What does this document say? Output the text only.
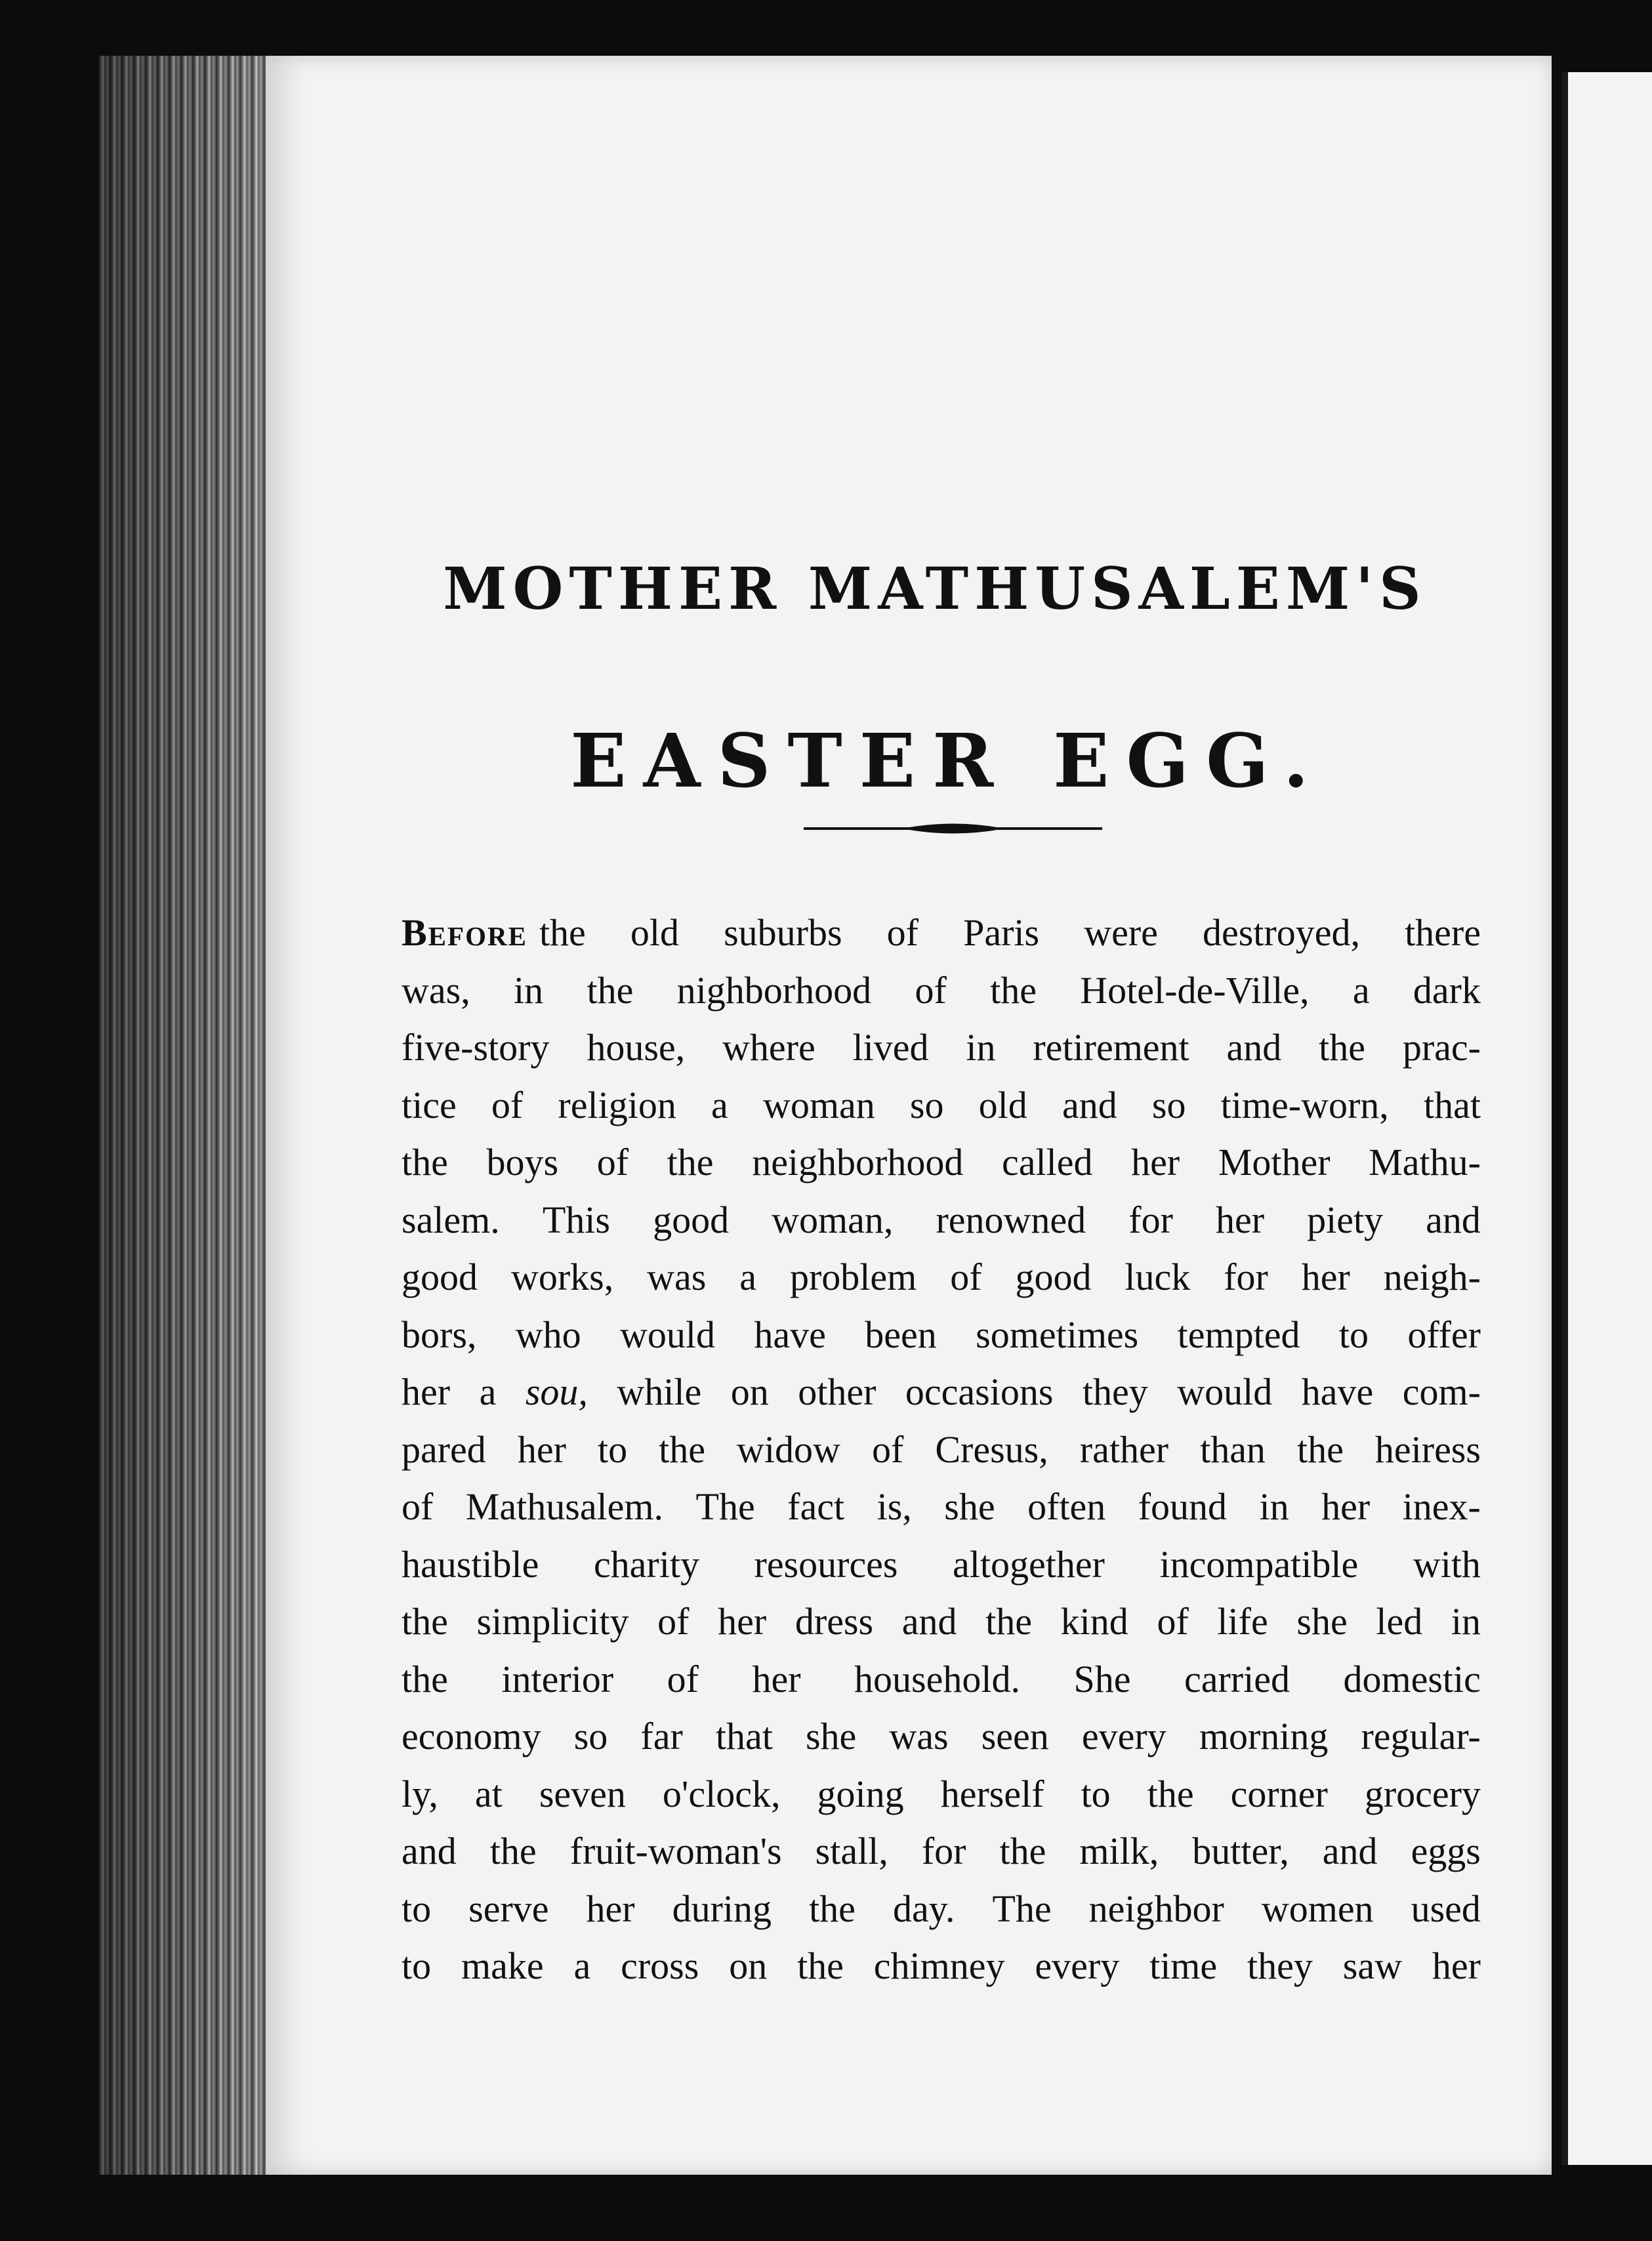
MOTHER MATHUSALEM'S
EASTER EGG.
Before the old suburbs of Paris were destroyed, there
was, in the nighborhood of the Hotel-de-Ville, a dark
five-story house, where lived in retirement and the prac-
tice of religion a woman so old and so time-worn, that
the boys of the neighborhood called her Mother Mathu-
salem. This good woman, renowned for her piety and
good works, was a problem of good luck for her neigh-
bors, who would have been sometimes tempted to offer
her a sou, while on other occasions they would have com-
pared her to the widow of Cresus, rather than the heiress
of Mathusalem. The fact is, she often found in her inex-
haustible charity resources altogether incompatible with
the simplicity of her dress and the kind of life she led in
the interior of her household. She carried domestic
economy so far that she was seen every morning regular-
ly, at seven o'clock, going herself to the corner grocery
and the fruit-woman's stall, for the milk, butter, and eggs
to serve her during the day. The neighbor women used
to make a cross on the chimney every time they saw her
